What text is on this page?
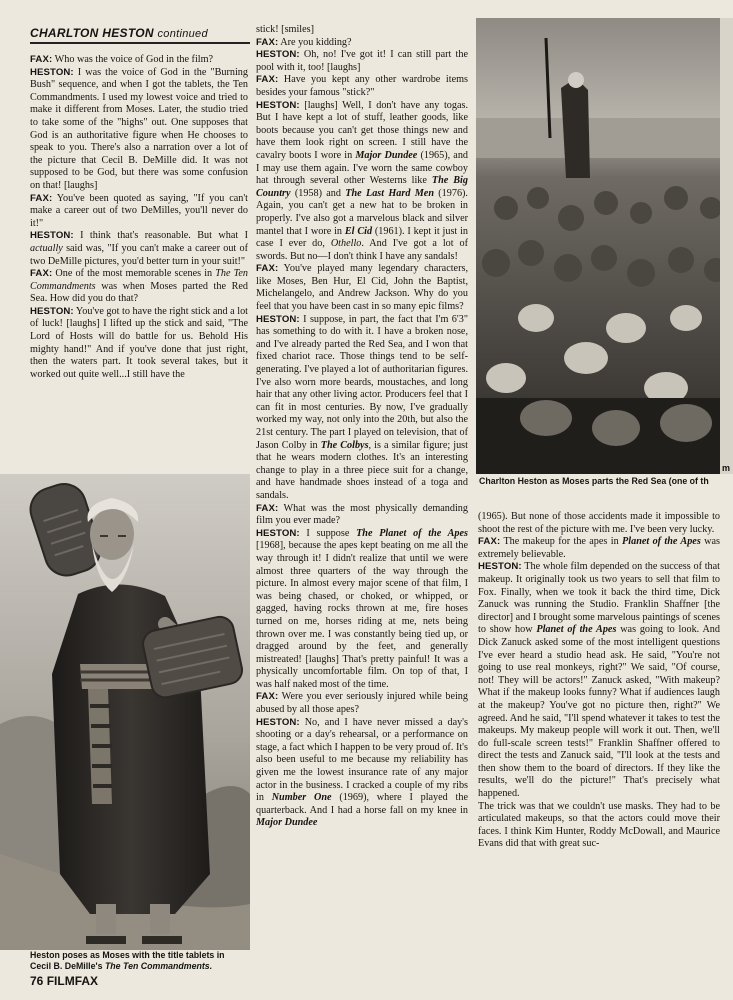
CHARLTON HESTON continued

FAX: Who was the voice of God in the film?

HESTON: I was the voice of God in the "Burning Bush" sequence, and when I got the tablets, the Ten Commandments. I used my lowest voice and tried to make it different from Moses. Later, the studio tried to take some of the "highs" out. One supposes that God is an authoritative figure when He chooses to speak to you. There's also a narration over a lot of the picture that Cecil B. DeMille did. It was not supposed to be God, but there was some confusion on that! [laughs]

FAX: You've been quoted as saying, "If you can't make a career out of two DeMilles, you'll never do it!"

HESTON: I think that's reasonable. But what I actually said was, "If you can't make a career out of two DeMille pictures, you'd better turn in your suit!"

FAX: One of the most memorable scenes in The Ten Commandments was when Moses parted the Red Sea. How did you do that?

HESTON: You've got to have the right stick and a lot of luck! [laughs] I lifted up the stick and said, "The Lord of Hosts will do battle for us. Behold His mighty hand!" And if you've done that just right, then the waters part. It took several takes, but it worked out quite well...I still have the

stick! [smiles]

FAX: Are you kidding?

HESTON: Oh, no! I've got it! I can still part the pool with it, too! [laughs]

FAX: Have you kept any other wardrobe items besides your famous "stick?"

HESTON: [laughs] Well, I don't have any togas. But I have kept a lot of stuff, leather goods, like boots because you can't get those things new and have them look right on screen. I still have the cavalry boots I wore in Major Dundee (1965), and I may use them again. I've worn the same cowboy hat through several other Westerns like The Big Country (1958) and The Last Hard Men (1976). Again, you can't get a new hat to be broken in properly. I've also got a marvelous black and silver mantel that I wore in El Cid (1961). I kept it just in case I ever do, Othello. And I've got a lot of swords. But no—I don't think I have any sandals!

FAX: You've played many legendary characters, like Moses, Ben Hur, El Cid, John the Baptist, Michelangelo, and Andrew Jackson. Why do you feel that you have been cast in so many epic films?

HESTON: I suppose, in part, the fact that I'm 6'3" has something to do with it. I have a broken nose, and I've already parted the Red Sea, and I won that fixed chariot race. Those things tend to be self-generating. I've played a lot of authoritarian figures. I've also worn more beards, moustaches, and long hair that any other living actor. Producers feel that I can fit in most centuries. By now, I've gradually worked my way, not only into the 20th, but also the 21st century. The part I played on television, that of Jason Colby in The Colbys, is a similar figure; just that he wears modern clothes. It's an interesting change to play in a three piece suit for a change, and have handmade shoes instead of a toga and sandals.

FAX: What was the most physically demanding film you ever made?

HESTON: I suppose The Planet of the Apes [1968], because the apes kept beating on me all the way through it! I didn't realize that until we were almost three quarters of the way through the picture. In almost every major scene of that film, I was being chased, or choked, or whipped, or gagged, having rocks thrown at me, fire hoses turned on me, horses riding at me, nets being thrown over me. I was constantly being tied up, or dragged around by the feet, and generally mistreated! [laughs] That's pretty painful! It was a physically uncomfortable film. On top of that, I was half naked most of the time.

FAX: Were you ever seriously injured while being abused by all those apes?

HESTON: No, and I have never missed a day's shooting or a day's rehearsal, or a performance on stage, a fact which I happen to be very proud of. It's also been useful to me because my reliability has given me the lowest insurance rate of any major actor in the business. I cracked a couple of my ribs in Number One (1969), where I played the quarterback. And I had a horse fall on my knee in Major Dundee

(1965). But none of those accidents made it impossible to shoot the rest of the picture with me. I've been very lucky.

FAX: The makeup for the apes in Planet of the Apes was extremely believable.

HESTON: The whole film depended on the success of that makeup. It originally took us two years to sell that film to Fox. Finally, when we took it back the third time, Dick Zanuck was running the Studio. Franklin Shaffner [the director] and I brought some marvelous paintings of scenes to show how Planet of the Apes was going to look. And Dick Zanuck asked some of the most intelligent questions I've ever heard a studio head ask. He said, "You're not going to use real monkeys, right?" We said, "Of course, not! They will be actors!" Zanuck asked, "With makeup? What if the makeup looks funny? What if audiences laugh at the makeup? You've got no picture then, right?" We agreed. And he said, "I'll spend whatever it takes to test the makeups. My makeup people will work it out. Then, we'll do full-scale screen tests!" Franklin Shaffner offered to direct the tests and Zanuck said, "I'll look at the tests and then show them to the board of directors. If they like the results, we'll do the picture!" That's precisely what happened.

The trick was that we couldn't use masks. They had to be articulated makeups, so that the actors could move their faces. I think Kim Hunter, Roddy McDowall, and Maurice Evans did that with great suc-

Heston poses as Moses with the title tablets in
Cecil B. DeMille's The Ten Commandments.
m
Charlton Heston as Moses parts the Red Sea (one of th
76 FILMFAX
